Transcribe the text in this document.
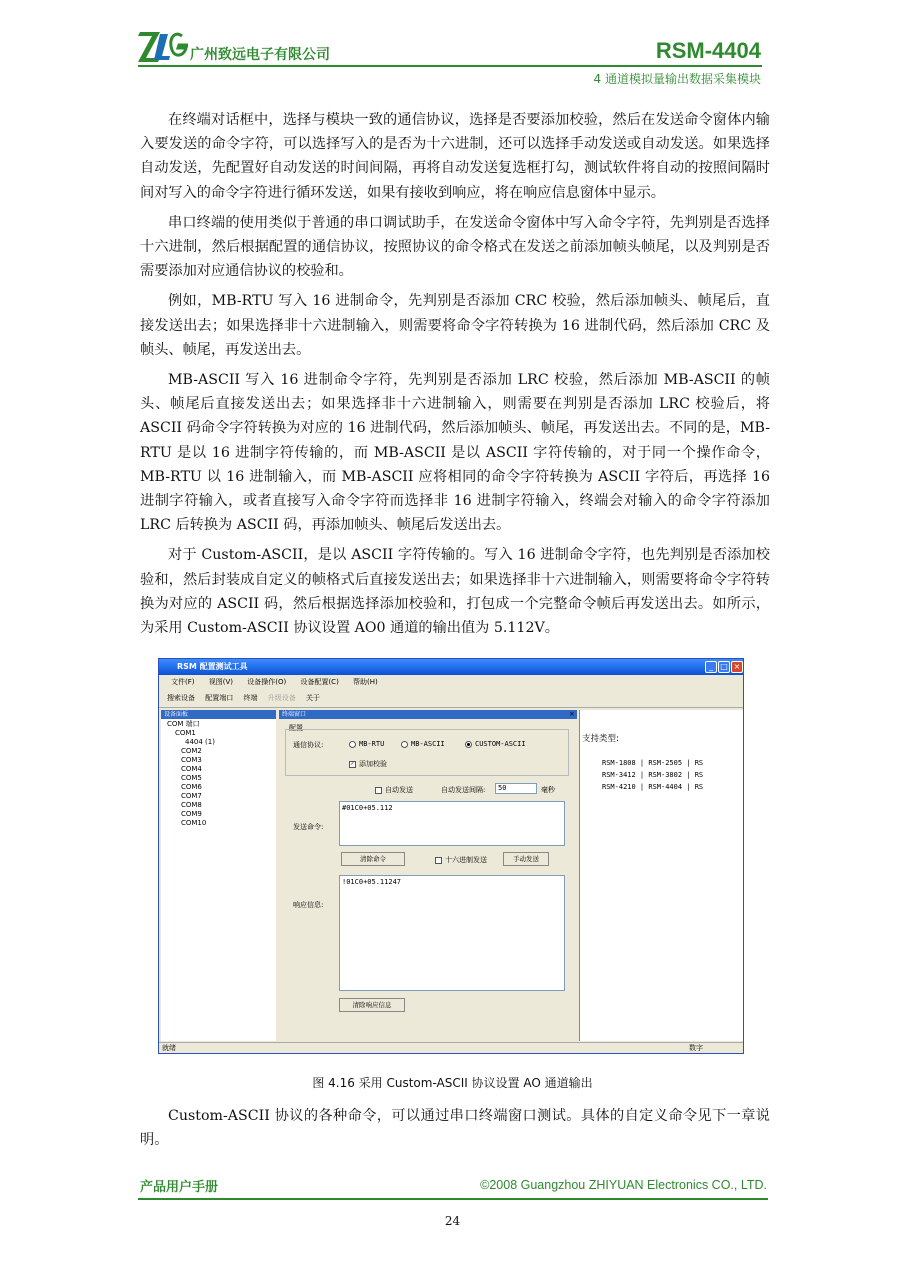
广州致远电子有限公司	RSM-4404
4 通道模拟量输出数据采集模块

在终端对话框中，选择与模块一致的通信协议，选择是否要添加校验，然后在发送命令窗体内输入要发送的命令字符，可以选择写入的是否为十六进制，还可以选择手动发送或自动发送。如果选择自动发送，先配置好自动发送的时间间隔，再将自动发送复选框打勾，测试软件将自动的按照间隔时间对写入的命令字符进行循环发送，如果有接收到响应，将在响应信息窗体中显示。

串口终端的使用类似于普通的串口调试助手，在发送命令窗体中写入命令字符，先判别是否选择十六进制，然后根据配置的通信协议，按照协议的命令格式在发送之前添加帧头帧尾，以及判别是否需要添加对应通信协议的校验和。

例如，MB-RTU 写入 16 进制命令，先判别是否添加 CRC 校验，然后添加帧头、帧尾后，直接发送出去；如果选择非十六进制输入，则需要将命令字符转换为 16 进制代码，然后添加 CRC 及帧头、帧尾，再发送出去。

MB-ASCII 写入 16 进制命令字符，先判别是否添加 LRC 校验，然后添加 MB-ASCII 的帧头、帧尾后直接发送出去；如果选择非十六进制输入，则需要在判别是否添加 LRC 校验后，将 ASCII 码命令字符转换为对应的 16 进制代码，然后添加帧头、帧尾，再发送出去。不同的是，MB-RTU 是以 16 进制字符传输的，而 MB-ASCII 是以 ASCII 字符传输的，对于同一个操作命令，MB-RTU 以 16 进制输入，而 MB-ASCII 应将相同的命令字符转换为 ASCII 字符后，再选择 16 进制字符输入，或者直接写入命令字符而选择非 16 进制字符输入，终端会对输入的命令字符添加 LRC 后转换为 ASCII 码，再添加帧头、帧尾后发送出去。

对于 Custom-ASCII，是以 ASCII 字符传输的。写入 16 进制命令字符，也先判别是否添加校验和，然后封装成自定义的帧格式后直接发送出去；如果选择非十六进制输入，则需要将命令字符转换为对应的 ASCII 码，然后根据选择添加校验和，打包成一个完整命令帧后再发送出去。如所示，为采用 Custom-ASCII 协议设置 AO0 通道的输出值为 5.112V。

RSM 配置测试工具	_ □ ×
文件(F) 视图(V) 设备操作(O) 设备配置(C) 帮助(H)
搜索设备 配置端口 终端 升级设备 关于
设备面板
COM 端口
COM1
4404 (1)
COM2
COM3
COM4
COM5
COM6
COM7
COM8
COM9
COM10
终端窗口	×
配置
通信协议:	MB-RTU	MB-ASCII	CUSTOM-ASCII
✓ 添加校验
自动发送	自动发送间隔:	50	毫秒
发送命令:
#01C0+05.112
清除命令	十六进制发送	手动发送
响应信息:
!01C0+05.11247
清除响应信息
支持类型:
RSM-1808 | RSM-2505 | RS
RSM-3412 | RSM-3802 | RS
RSM-4210 | RSM-4404 | RS
就绪	数字
图 4.16 采用 Custom-ASCII 协议设置 AO 通道输出

Custom-ASCII 协议的各种命令，可以通过串口终端窗口测试。具体的自定义命令见下一章说明。

产品用户手册	©2008 Guangzhou ZHIYUAN Electronics CO., LTD.
24
